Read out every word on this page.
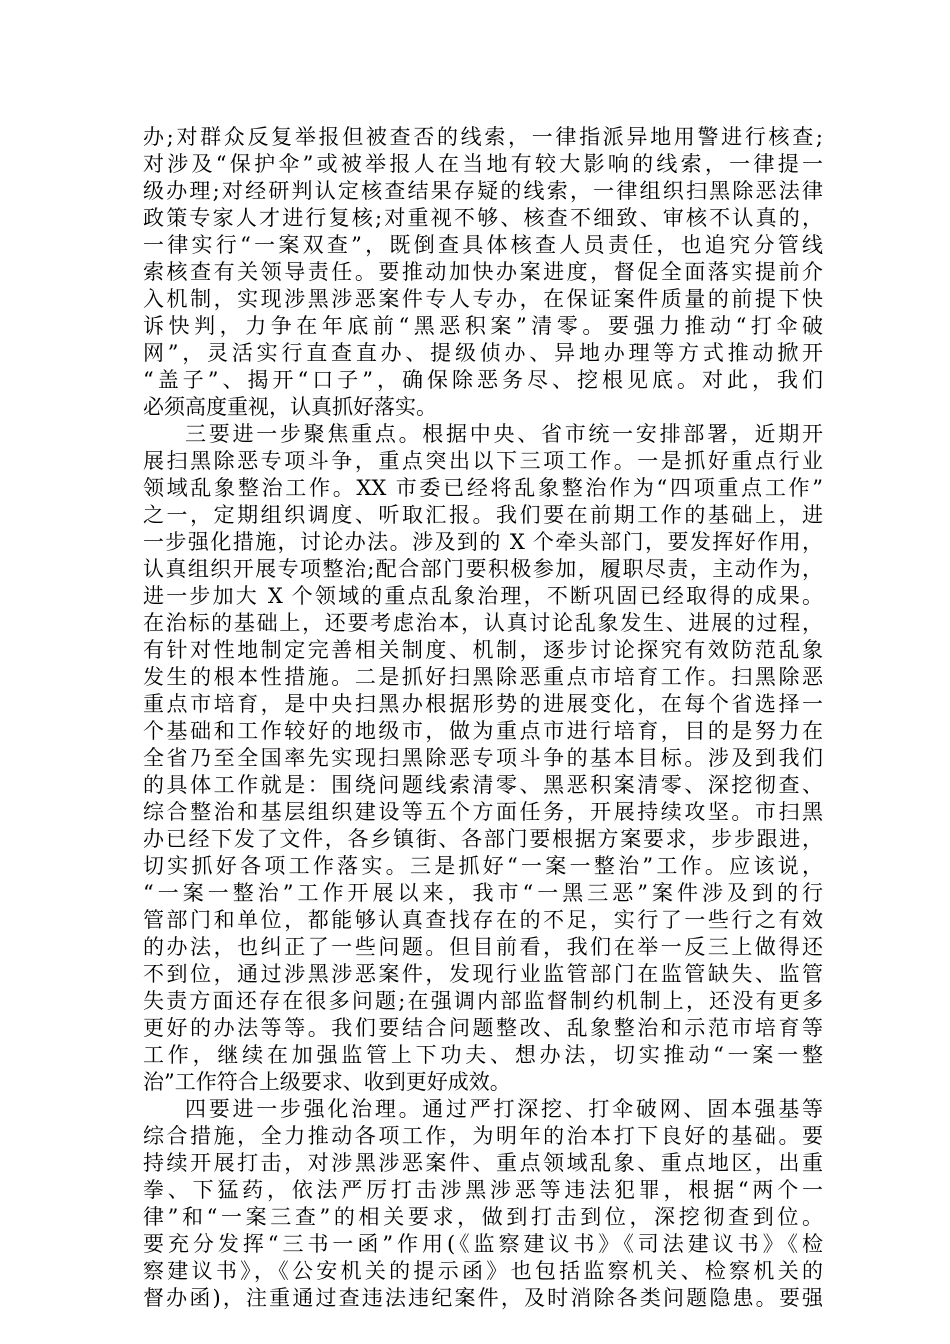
办;对群众反复举报但被查否的线索，一律指派异地用警进行核查;
对涉及“保护伞”或被举报人在当地有较大影响的线索，一律提一
级办理;对经研判认定核查结果存疑的线索，一律组织扫黑除恶法律
政策专家人才进行复核;对重视不够、核查不细致、审核不认真的，
一律实行“一案双查”，既倒查具体核查人员责任，也追究分管线
索核查有关领导责任。要推动加快办案进度，督促全面落实提前介
入机制，实现涉黑涉恶案件专人专办，在保证案件质量的前提下快
诉快判，力争在年底前“黑恶积案”清零。要强力推动“打伞破
网”，灵活实行直查直办、提级侦办、异地办理等方式推动掀开
“盖子”、揭开“口子”，确保除恶务尽、挖根见底。对此，我们
必须高度重视，认真抓好落实。
三要进一步聚焦重点。根据中央、省市统一安排部署，近期开
展扫黑除恶专项斗争，重点突出以下三项工作。一是抓好重点行业
领域乱象整治工作。XX 市委已经将乱象整治作为“四项重点工作”
之一，定期组织调度、听取汇报。我们要在前期工作的基础上，进
一步强化措施，讨论办法。涉及到的 X 个牵头部门，要发挥好作用，
认真组织开展专项整治;配合部门要积极参加，履职尽责，主动作为，
进一步加大 X 个领域的重点乱象治理，不断巩固已经取得的成果。
在治标的基础上，还要考虑治本，认真讨论乱象发生、进展的过程，
有针对性地制定完善相关制度、机制，逐步讨论探究有效防范乱象
发生的根本性措施。二是抓好扫黑除恶重点市培育工作。扫黑除恶
重点市培育，是中央扫黑办根据形势的进展变化，在每个省选择一
个基础和工作较好的地级市，做为重点市进行培育，目的是努力在
全省乃至全国率先实现扫黑除恶专项斗争的基本目标。涉及到我们
的具体工作就是：围绕问题线索清零、黑恶积案清零、深挖彻查、
综合整治和基层组织建设等五个方面任务，开展持续攻坚。市扫黑
办已经下发了文件，各乡镇街、各部门要根据方案要求，步步跟进，
切实抓好各项工作落实。三是抓好“一案一整治”工作。应该说，
“一案一整治”工作开展以来，我市“一黑三恶”案件涉及到的行
管部门和单位，都能够认真查找存在的不足，实行了一些行之有效
的办法，也纠正了一些问题。但目前看，我们在举一反三上做得还
不到位，通过涉黑涉恶案件，发现行业监管部门在监管缺失、监管
失责方面还存在很多问题;在强调内部监督制约机制上，还没有更多
更好的办法等等。我们要结合问题整改、乱象整治和示范市培育等
工作，继续在加强监管上下功夫、想办法，切实推动“一案一整
治”工作符合上级要求、收到更好成效。
四要进一步强化治理。通过严打深挖、打伞破网、固本强基等
综合措施，全力推动各项工作，为明年的治本打下良好的基础。要
持续开展打击，对涉黑涉恶案件、重点领域乱象、重点地区，出重
拳、下猛药，依法严厉打击涉黑涉恶等违法犯罪，根据“两个一
律”和“一案三查”的相关要求，做到打击到位，深挖彻查到位。
要充分发挥“三书一函”作用(《监察建议书》《司法建议书》《检
察建议书》，《公安机关的提示函》也包括监察机关、检察机关的
督办函)，注重通过查违法违纪案件，及时消除各类问题隐患。要强
